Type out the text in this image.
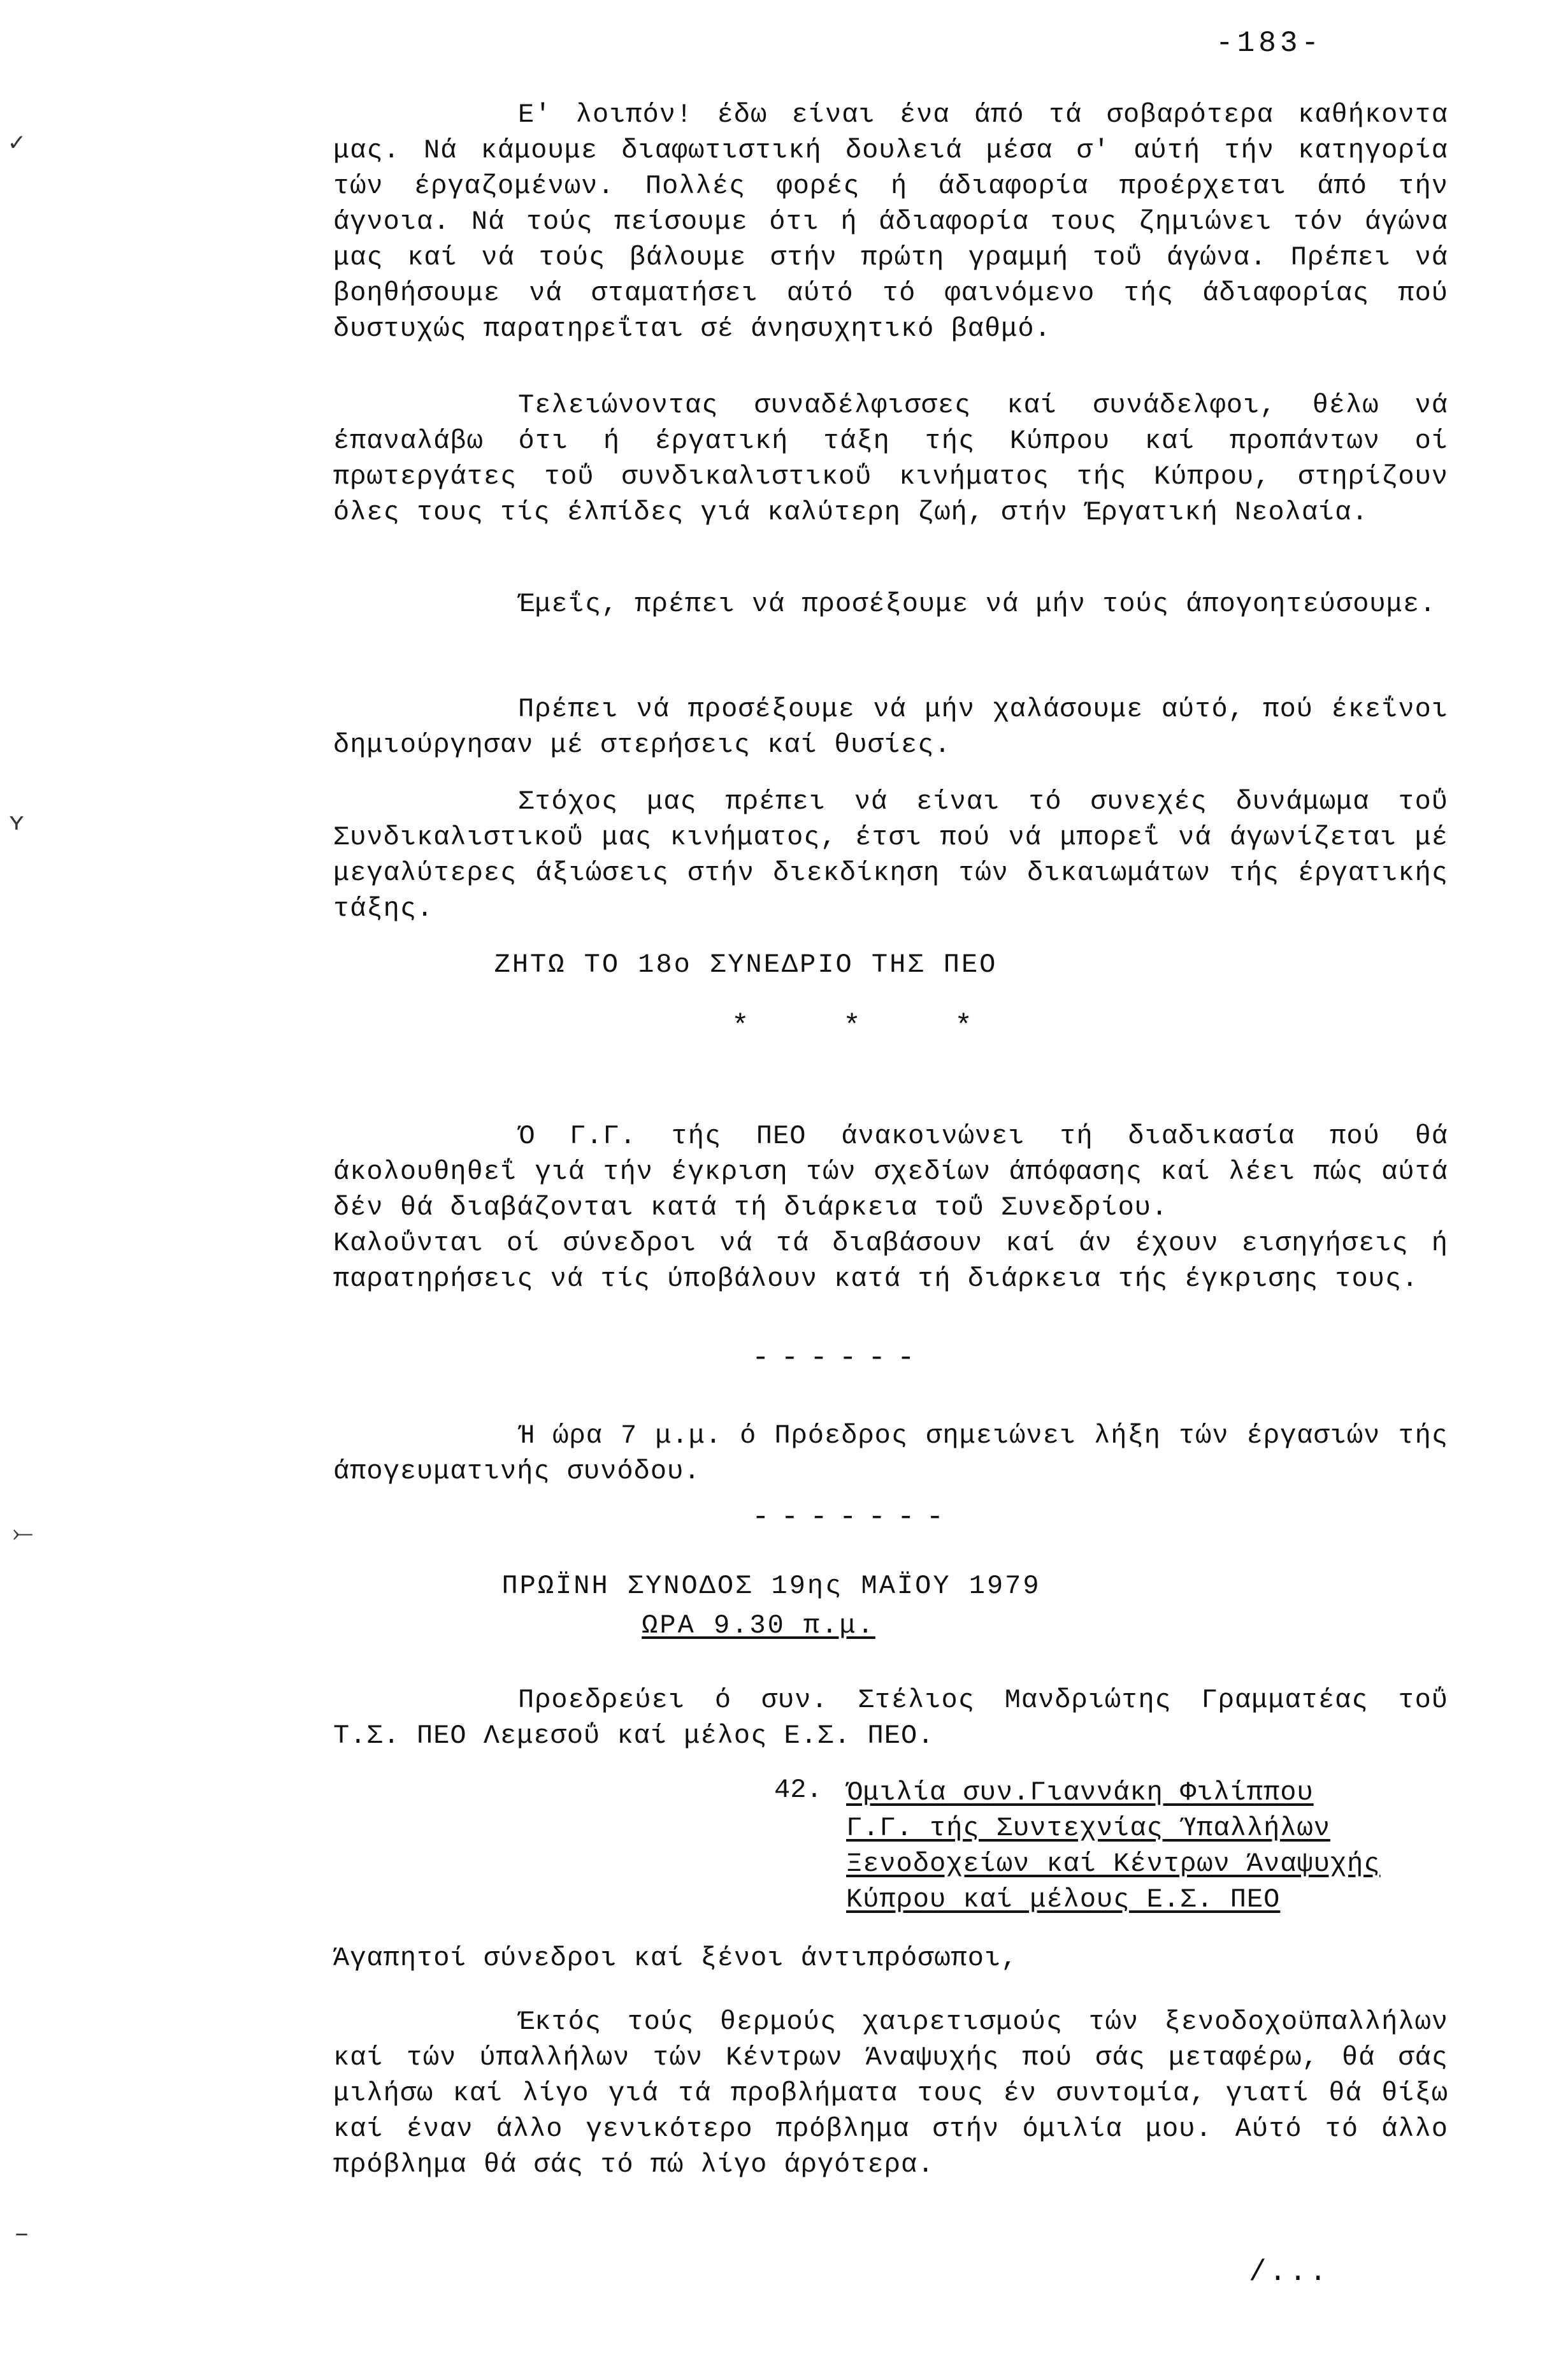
-183-
✓
ʏ
⤚
–

Ε' λοιπόν! έδω είναι ένα άπό τά σοβαρότερα καθήκοντα μας. Νά κάμουμε διαφωτιστική δουλειά μέσα σ' αύτή τήν κατηγορία τών έργαζομένων. Πολλές φορές ή άδιαφορία προέρχεται άπό τήν άγνοια. Νά τούς πείσουμε ότι ή άδιαφορία τους ζημιώνει τόν άγώνα μας καί νά τούς βάλουμε στήν πρώτη γραμμή τοΰ άγώνα. Πρέπει νά βοηθήσουμε νά σταματήσει αύτό τό φαινόμενο τής άδιαφορίας πού δυστυχώς παρατηρεΐται σέ άνησυχητικό βαθμό.

Τελειώνοντας συναδέλφισσες καί συνάδελφοι, θέλω νά έπαναλάβω ότι ή έργατική τάξη τής Κύπρου καί προπάντων οί πρωτεργάτες τοΰ συνδικαλιστικοΰ κινήματος τής Κύπρου, στηρίζουν όλες τους τίς έλπίδες γιά καλύτερη ζωή, στήν Έργατική Νεολαία.

Έμεΐς, πρέπει νά προσέξουμε νά μήν τούς άπογοητεύσουμε.

Πρέπει νά προσέξουμε νά μήν χαλάσουμε αύτό, πού έκεΐνοι δημιούργησαν μέ στερήσεις καί θυσίες.

Στόχος μας πρέπει νά είναι τό συνεχές δυνάμωμα τοΰ Συνδικαλιστικοΰ μας κινήματος, έτσι πού νά μπορεΐ νά άγωνίζεται μέ μεγαλύτερες άξιώσεις στήν διεκδίκηση τών δικαιωμάτων τής έργατικής τάξης.

ΖΗΤΩ ΤΟ 18ο ΣΥΝΕΔΡΙΟ ΤΗΣ ΠΕΟ
* * *

Ό Γ.Γ. τής ΠΕΟ άνακοινώνει τή διαδικασία πού θά άκολουθηθεΐ γιά τήν έγκριση τών σχεδίων άπόφασης καί λέει πώς αύτά δέν θά διαβάζονται κατά τή διάρκεια τοΰ Συνεδρίου.

Καλοΰνται οί σύνεδροι νά τά διαβάσουν καί άν έχουν εισηγήσεις ή παρατηρήσεις νά τίς ύποβάλουν κατά τή διάρκεια τής έγκρισης τους.

------

Ή ώρα 7 μ.μ. ό Πρόεδρος σημειώνει λήξη τών έργασιών τής άπογευματινής συνόδου.

-------
ΠΡΩΪΝΗ ΣΥΝΟΔΟΣ 19ης ΜΑΪΟΥ 1979
ΩΡΑ 9.30 π.μ.

Προεδρεύει ό συν. Στέλιος Μανδριώτης Γραμματέας τοΰ Τ.Σ. ΠΕΟ Λεμεσοΰ καί μέλος Ε.Σ. ΠΕΟ.

42. Όμιλία συν.Γιαννάκη Φιλίππου
Γ.Γ. τής Συντεχνίας Ύπαλλήλων
Ξενοδοχείων καί Κέντρων Άναψυχής
Κύπρου καί μέλους Ε.Σ. ΠΕΟ

Άγαπητοί σύνεδροι καί ξένοι άντιπρόσωποι,

Έκτός τούς θερμούς χαιρετισμούς τών ξενοδοχοϋπαλλήλων καί τών ύπαλλήλων τών Κέντρων Άναψυχής πού σάς μεταφέρω, θά σάς μιλήσω καί λίγο γιά τά προβλήματα τους έν συντομία, γιατί θά θίξω καί έναν άλλο γενικότερο πρόβλημα στήν όμιλία μου. Αύτό τό άλλο πρόβλημα θά σάς τό πώ λίγο άργότερα.

/...
